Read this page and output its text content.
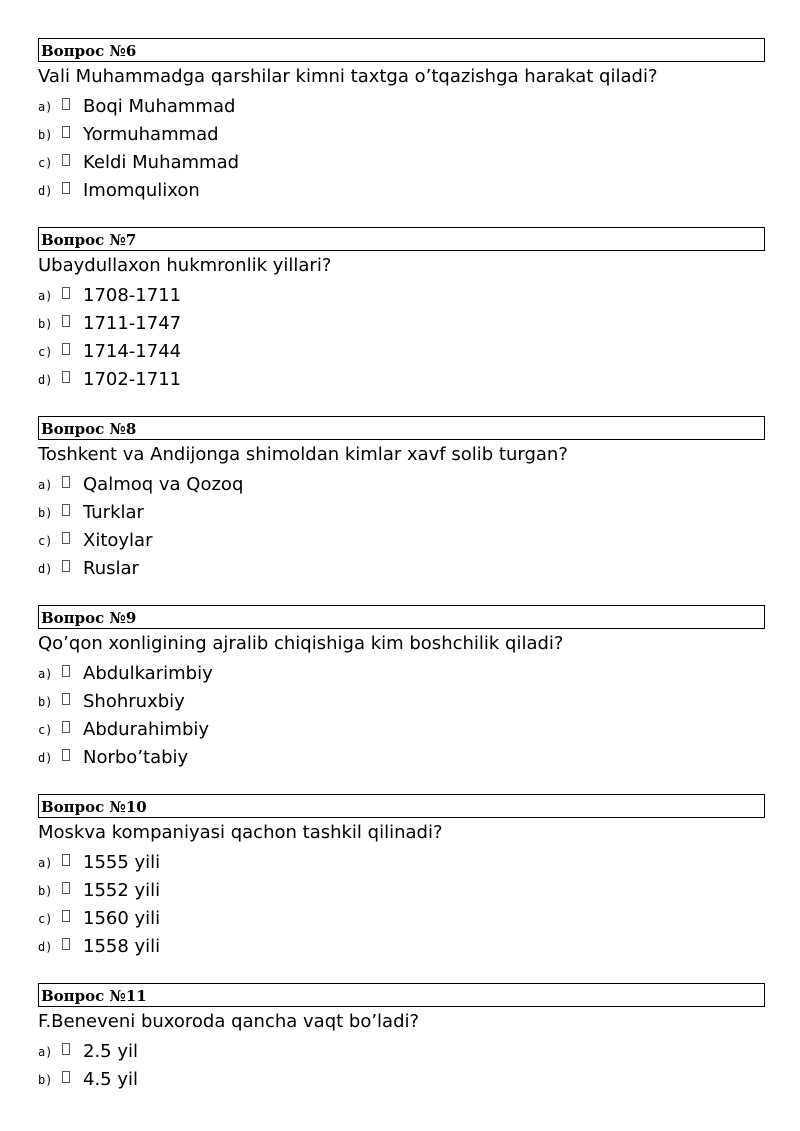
Вопрос №6
Vali Muhammadga qarshilar kimni taxtga o’tqazishga harakat qiladi?
a)	Boqi Muhammad
b)	Yormuhammad
c)	Keldi Muhammad
d)	Imomqulixon
Вопрос №7
Ubaydullaxon hukmronlik yillari?
a)	1708-1711
b)	1711-1747
c)	1714-1744
d)	1702-1711
Вопрос №8
Toshkent va Andijonga shimoldan kimlar xavf solib turgan?
a)	Qalmoq va Qozoq
b)	Turklar
c)	Xitoylar
d)	Ruslar
Вопрос №9
Qo’qon xonligining ajralib chiqishiga kim boshchilik qiladi?
a)	Abdulkarimbiy
b)	Shohruxbiy
c)	Abdurahimbiy
d)	Norbo’tabiy
Вопрос №10
Moskva kompaniyasi qachon tashkil qilinadi?
a)	1555 yili
b)	1552 yili
c)	1560 yili
d)	1558 yili
Вопрос №11
F.Beneveni buxoroda qancha vaqt bo’ladi?
a)	2.5 yil
b)	4.5 yil
